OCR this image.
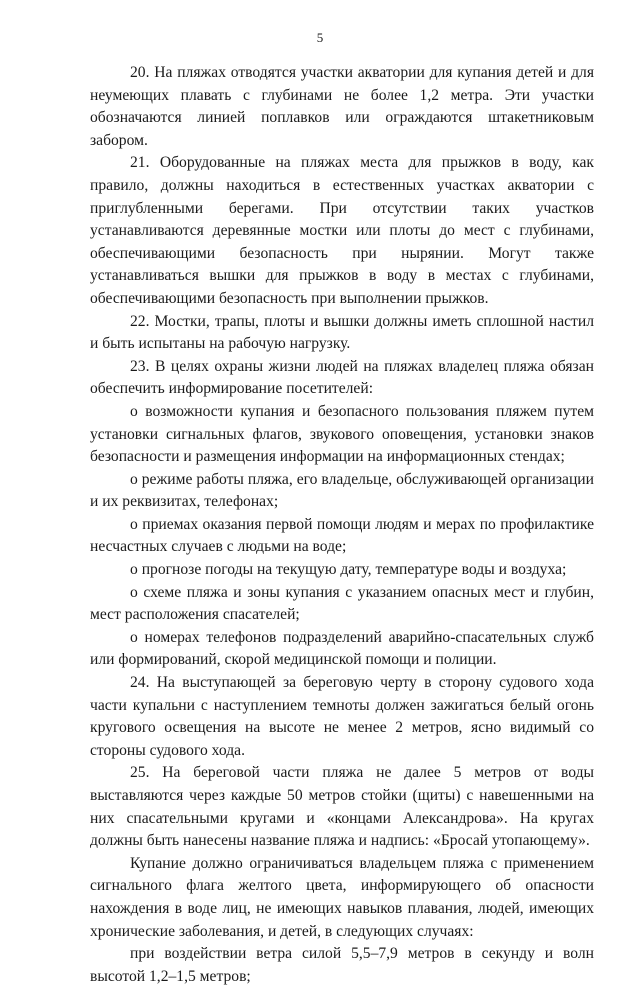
5

20. На пляжах отводятся участки акватории для купания детей и для неумеющих плавать с глубинами не более 1,2 метра. Эти участки обозначаются линией поплавков или ограждаются штакетниковым забором.

21. Оборудованные на пляжах места для прыжков в воду, как правило, должны находиться в естественных участках акватории с приглубленными берегами. При отсутствии таких участков устанавливаются деревянные мостки или плоты до мест с глубинами, обеспечивающими безопасность при нырянии. Могут также устанавливаться вышки для прыжков в воду в местах с глубинами, обеспечивающими безопасность при выполнении прыжков.

22. Мостки, трапы, плоты и вышки должны иметь сплошной настил и быть испытаны на рабочую нагрузку.

23. В целях охраны жизни людей на пляжах владелец пляжа обязан обеспечить информирование посетителей:

о возможности купания и безопасного пользования пляжем путем установки сигнальных флагов, звукового оповещения, установки знаков безопасности и размещения информации на информационных стендах;

о режиме работы пляжа, его владельце, обслуживающей организации и их реквизитах, телефонах;

о приемах оказания первой помощи людям и мерах по профилактике несчастных случаев с людьми на воде;

о прогнозе погоды на текущую дату, температуре воды и воздуха;

о схеме пляжа и зоны купания с указанием опасных мест и глубин, мест расположения спасателей;

о номерах телефонов подразделений аварийно-спасательных служб или формирований, скорой медицинской помощи и полиции.

24. На выступающей за береговую черту в сторону судового хода части купальни с наступлением темноты должен зажигаться белый огонь кругового освещения на высоте не менее 2 метров, ясно видимый со стороны судового хода.

25. На береговой части пляжа не далее 5 метров от воды выставляются через каждые 50 метров стойки (щиты) с навешенными на них спасательными кругами и «концами Александрова». На кругах должны быть нанесены название пляжа и надпись: «Бросай утопающему».

Купание должно ограничиваться владельцем пляжа с применением сигнального флага желтого цвета, информирующего об опасности нахождения в воде лиц, не имеющих навыков плавания, людей, имеющих хронические заболевания, и детей, в следующих случаях:

при воздействии ветра силой 5,5–7,9 метров в секунду и волн высотой 1,2–1,5 метров;
